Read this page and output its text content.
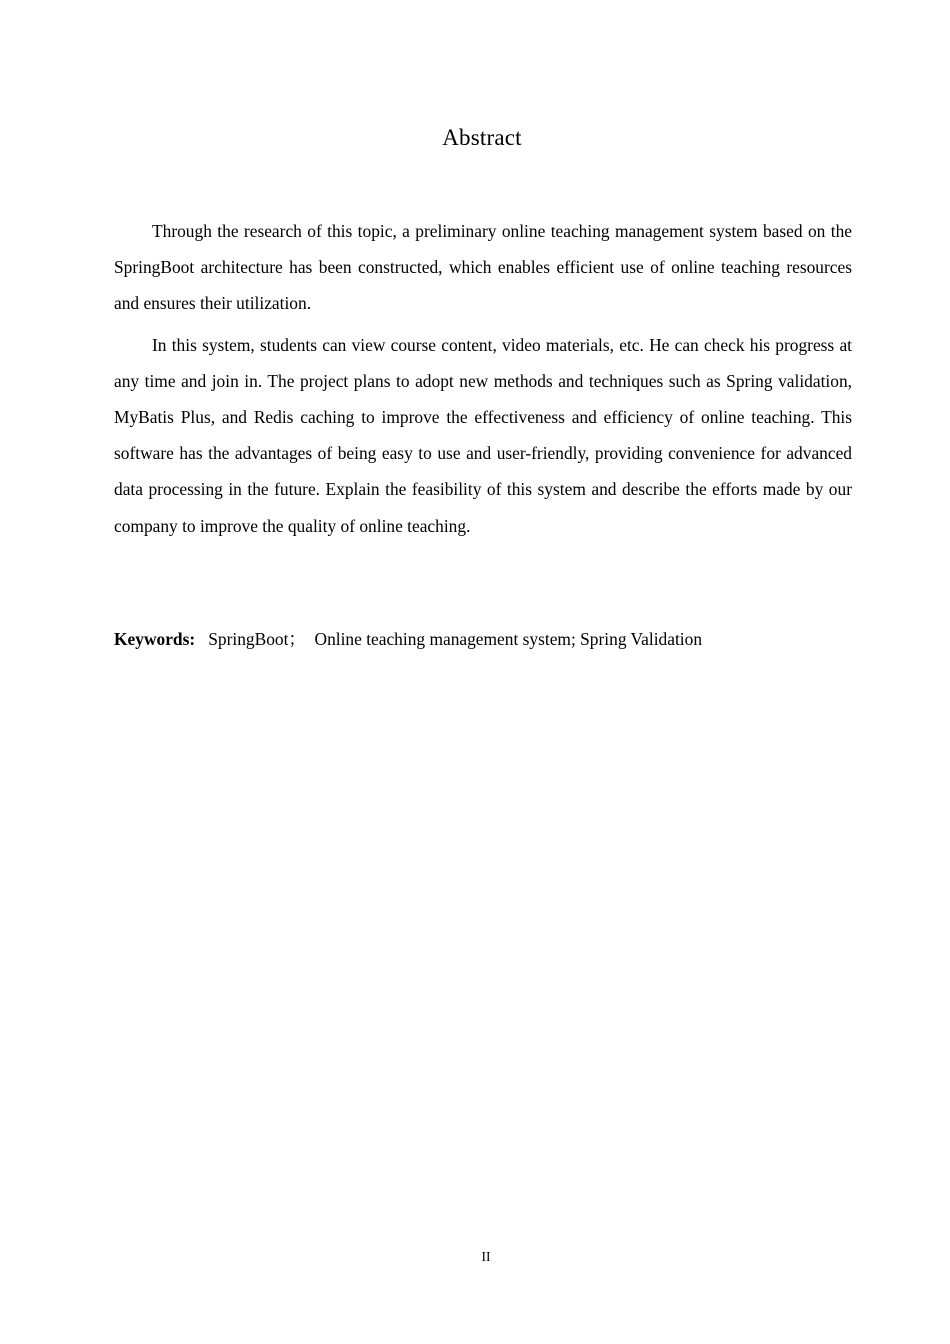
Abstract

Through the research of this topic, a preliminary online teaching management system based on the SpringBoot architecture has been constructed, which enables efficient use of online teaching resources and ensures their utilization.

In this system, students can view course content, video materials, etc. He can check his progress at any time and join in. The project plans to adopt new methods and techniques such as Spring validation, MyBatis Plus, and Redis caching to improve the effectiveness and efficiency of online teaching. This software has the advantages of being easy to use and user-friendly, providing convenience for advanced data processing in the future. Explain the feasibility of this system and describe the efforts made by our company to improve the quality of online teaching.

Keywords: SpringBoot；　Online teaching management system; Spring Validation
II
